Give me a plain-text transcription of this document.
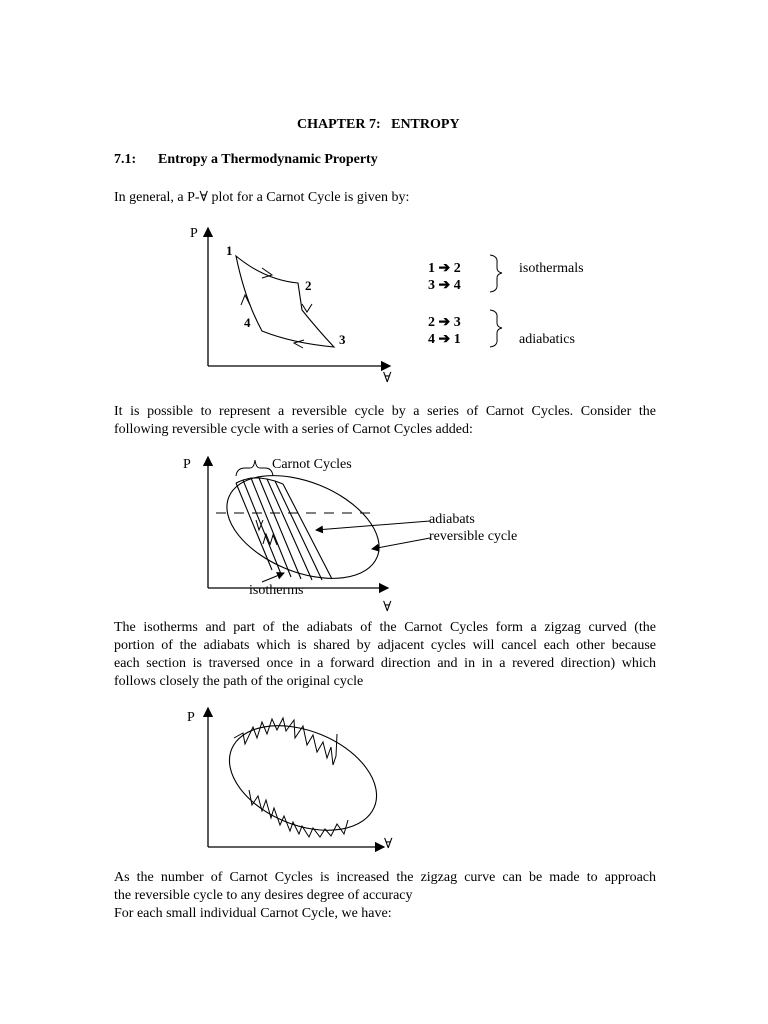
CHAPTER 7:   ENTROPY
7.1: Entropy a Thermodynamic Property
In general, a P-∀ plot for a Carnot Cycle is given by:
P
∀
1
2
3
4
1 ➔ 2
3 ➔ 4
isothermals
2 ➔ 3
4 ➔ 1	adiabatics
It is possible to represent a reversible cycle by a series of Carnot Cycles. Consider the
following reversible cycle with a series of Carnot Cycles added:
P
∀
Carnot Cycles
adiabats
reversible cycle
isotherms
The isotherms and part of the adiabats of the Carnot Cycles form a zigzag curved (the
portion of the adiabats which is shared by adjacent cycles will cancel each other because
each section is traversed once in a forward direction and in in a revered direction) which
follows closely the path of the original cycle
P
∀
As the number of Carnot Cycles is increased the zigzag curve can be made to approach
the reversible cycle to any desires degree of accuracy
For each small individual Carnot Cycle, we have:
